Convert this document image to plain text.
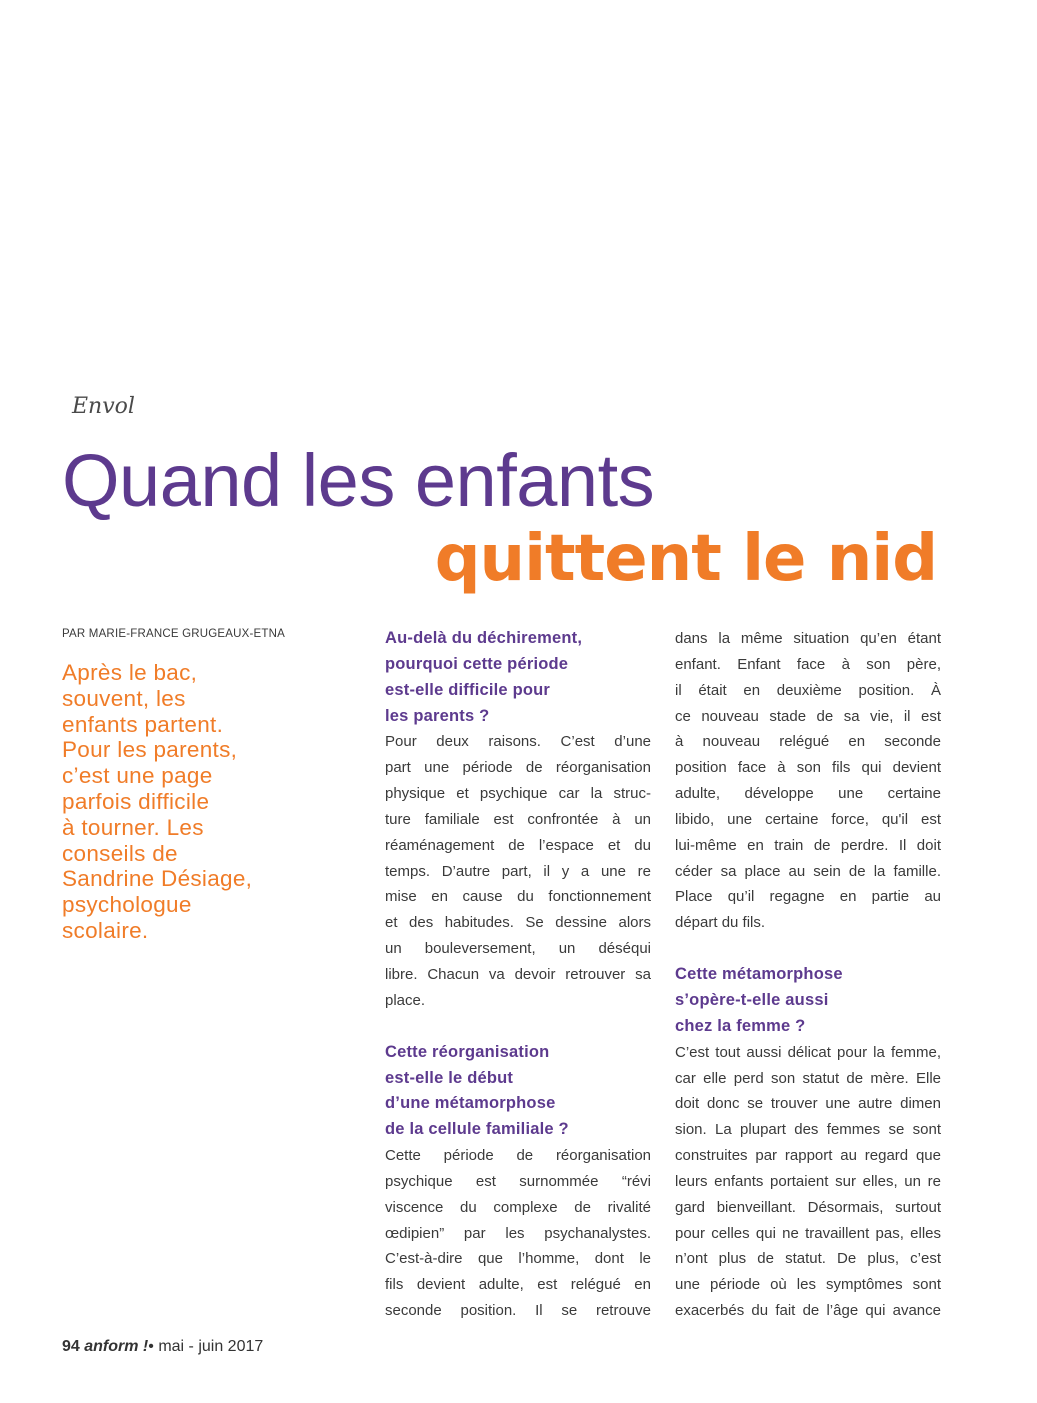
Envol
Quand les enfants
quittent le nid
PAR MARIE-FRANCE GRUGEAUX-ETNA
Après le bac,
souvent, les
enfants partent.
Pour les parents,
c’est une page
parfois difficile
à tourner. Les
conseils de
Sandrine Désiage,
psychologue
scolaire.
Au-delà du déchirement,
pourquoi cette période
est-elle difficile pour
les parents ?
Pour deux raisons. C’est d’une
part une période de réorganisation
physique et psychique car la struc-
ture familiale est confrontée à un
réaménagement de l’espace et du
temps. D’autre part, il y a une re
mise en cause du fonctionnement
et des habitudes. Se dessine alors
un bouleversement, un déséqui
libre. Chacun va devoir retrouver sa
place.
Cette réorganisation
est-elle le début
d’une métamorphose
de la cellule familiale ?
Cette période de réorganisation
psychique est surnommée “révi
viscence du complexe de rivalité
œdipien” par les psychanalystes.
C’est-à-dire que l’homme, dont le
fils devient adulte, est relégué en
seconde position. Il se retrouve
dans la même situation qu’en étant
enfant. Enfant face à son père,
il était en deuxième position. À
ce nouveau stade de sa vie, il est
à nouveau relégué en seconde
position face à son fils qui devient
adulte, développe une certaine
libido, une certaine force, qu'il est
lui-même en train de perdre. Il doit
céder sa place au sein de la famille.
Place qu’il regagne en partie au
départ du fils.
Cette métamorphose
s’opère-t-elle aussi
chez la femme ?
C’est tout aussi délicat pour la femme,
car elle perd son statut de mère. Elle
doit donc se trouver une autre dimen
sion. La plupart des femmes se sont
construites par rapport au regard que
leurs enfants portaient sur elles, un re
gard bienveillant. Désormais, surtout
pour celles qui ne travaillent pas, elles
n’ont plus de statut. De plus, c’est
une période où les symptômes sont
exacerbés du fait de l’âge qui avance
94 anform !• mai - juin 2017
